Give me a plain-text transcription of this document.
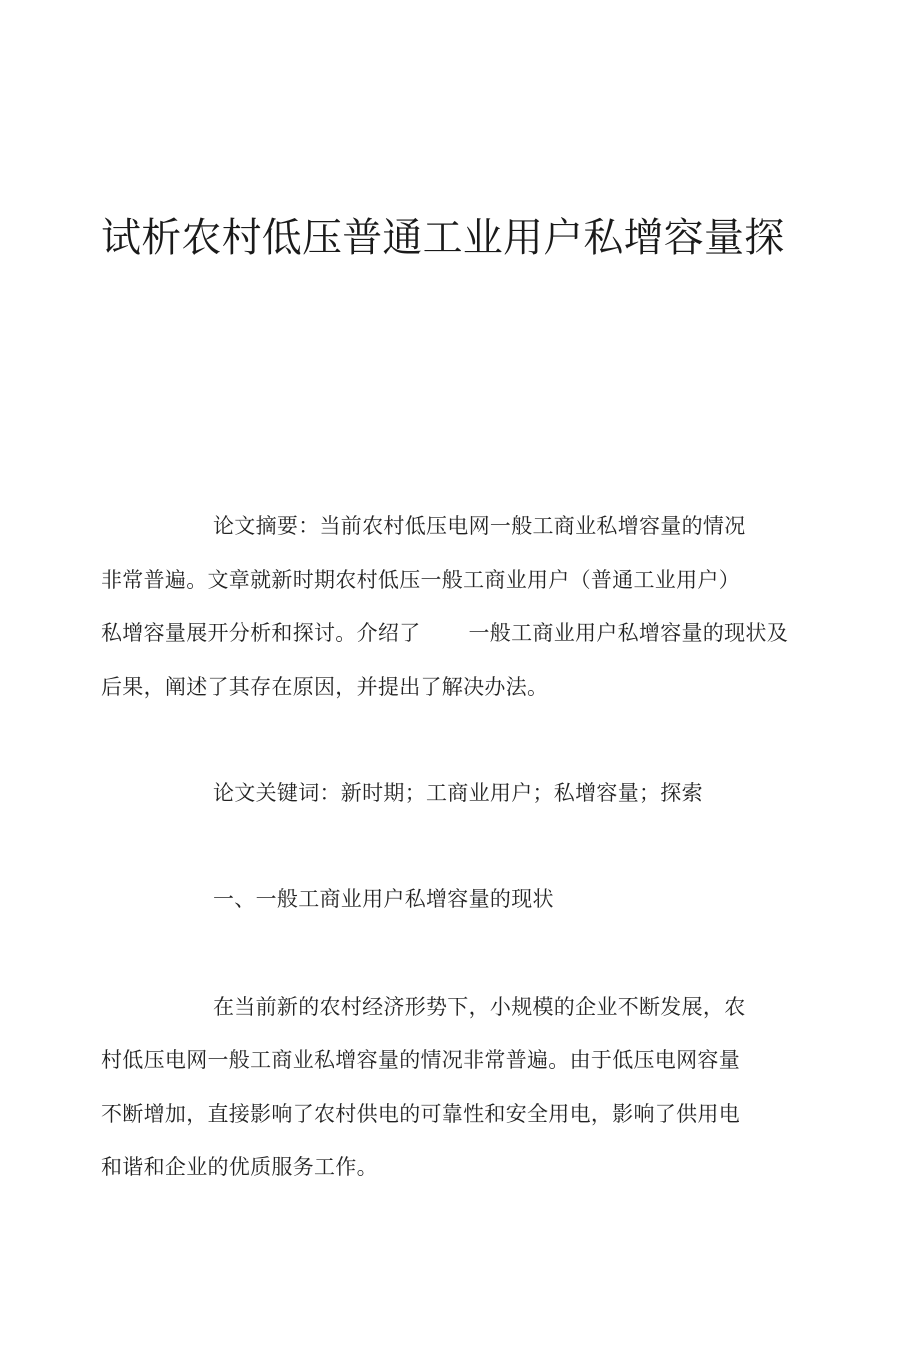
试析农村低压普通工业用户私增容量探
论文摘要：当前农村低压电网一般工商业私增容量的情况
非常普遍。文章就新时期农村低压一般工商业用户（普通工业用户）
私增容量展开分析和探讨。介绍了 一般工商业用户私增容量的现状及
后果，阐述了其存在原因，并提出了解决办法。
论文关键词：新时期；工商业用户；私增容量；探索
一、一般工商业用户私增容量的现状
在当前新的农村经济形势下，小规模的企业不断发展，农
村低压电网一般工商业私增容量的情况非常普遍。由于低压电网容量
不断增加，直接影响了农村供电的可靠性和安全用电，影响了供用电
和谐和企业的优质服务工作。
